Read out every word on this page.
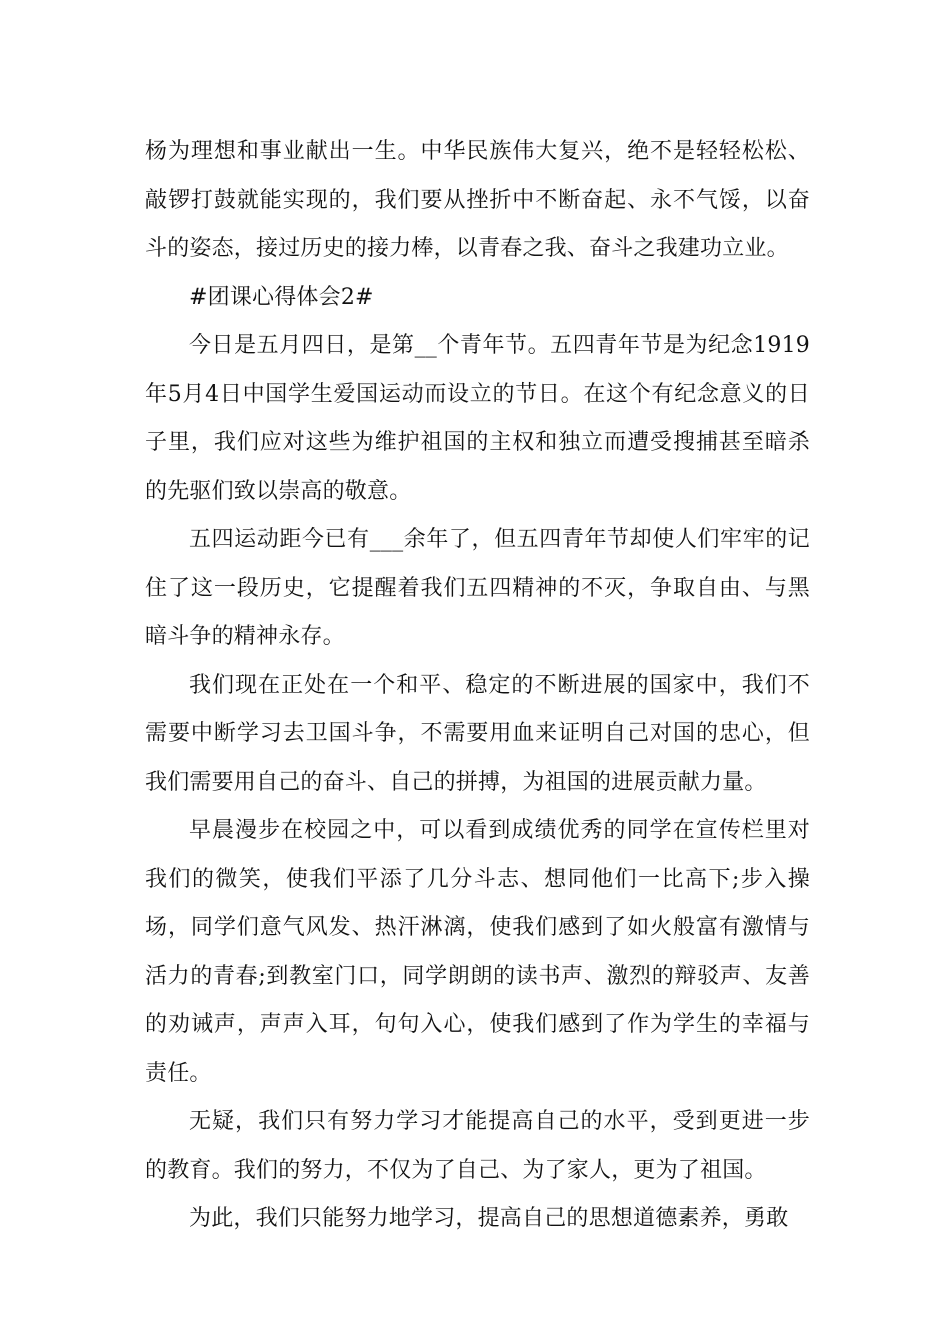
杨为理想和事业献出一生。中华民族伟大复兴，绝不是轻轻松松、敲锣打鼓就能实现的，我们要从挫折中不断奋起、永不气馁，以奋斗的姿态，接过历史的接力棒，以青春之我、奋斗之我建功立业。

#团课心得体会2#

今日是五月四日，是第__个青年节。五四青年节是为纪念1919年5月4日中国学生爱国运动而设立的节日。在这个有纪念意义的日子里，我们应对这些为维护祖国的主权和独立而遭受搜捕甚至暗杀的先驱们致以崇高的敬意。

五四运动距今已有___余年了，但五四青年节却使人们牢牢的记住了这一段历史，它提醒着我们五四精神的不灭，争取自由、与黑暗斗争的精神永存。

我们现在正处在一个和平、稳定的不断进展的国家中，我们不需要中断学习去卫国斗争，不需要用血来证明自己对国的忠心，但我们需要用自己的奋斗、自己的拼搏，为祖国的进展贡献力量。

早晨漫步在校园之中，可以看到成绩优秀的同学在宣传栏里对我们的微笑，使我们平添了几分斗志、想同他们一比高下;步入操场，同学们意气风发、热汗淋漓，使我们感到了如火般富有激情与活力的青春;到教室门口，同学朗朗的读书声、激烈的辩驳声、友善的劝诫声，声声入耳，句句入心，使我们感到了作为学生的幸福与责任。

无疑，我们只有努力学习才能提高自己的水平，受到更进一步的教育。我们的努力，不仅为了自己、为了家人，更为了祖国。

为此，我们只能努力地学习，提高自己的思想道德素养，勇敢
